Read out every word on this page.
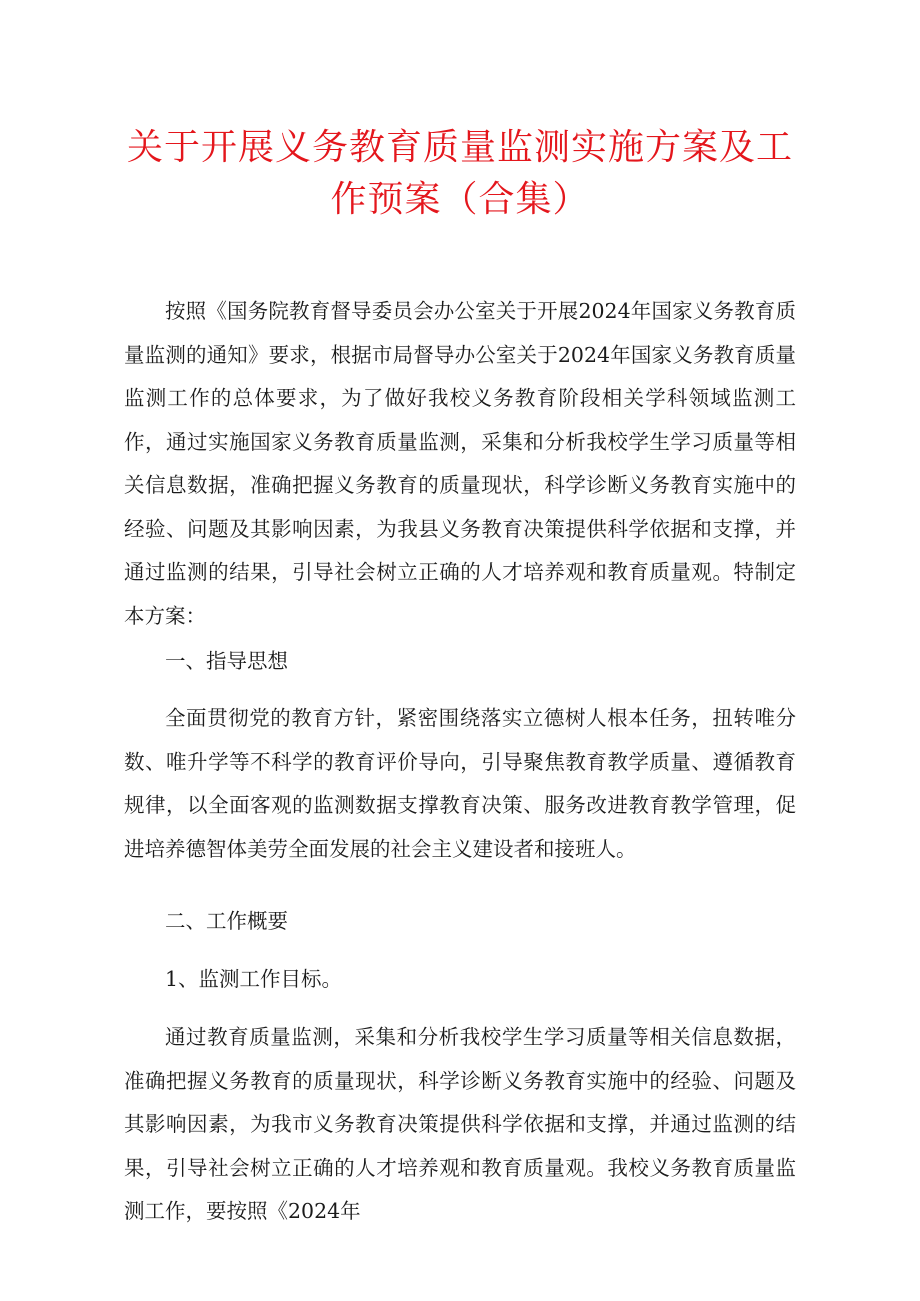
关于开展义务教育质量监测实施方案及工
作预案（合集）

按照《国务院教育督导委员会办公室关于开展2024年国家义务教育质量监测的通知》要求，根据市局督导办公室关于2024年国家义务教育质量监测工作的总体要求，为了做好我校义务教育阶段相关学科领域监测工作，通过实施国家义务教育质量监测，采集和分析我校学生学习质量等相关信息数据，准确把握义务教育的质量现状，科学诊断义务教育实施中的经验、问题及其影响因素，为我县义务教育决策提供科学依据和支撑，并通过监测的结果，引导社会树立正确的人才培养观和教育质量观。特制定本方案：

一、指导思想

全面贯彻党的教育方针，紧密围绕落实立德树人根本任务，扭转唯分数、唯升学等不科学的教育评价导向，引导聚焦教育教学质量、遵循教育规律，以全面客观的监测数据支撑教育决策、服务改进教育教学管理，促进培养德智体美劳全面发展的社会主义建设者和接班人。

二、工作概要

1、监测工作目标。

通过教育质量监测，采集和分析我校学生学习质量等相关信息数据，准确把握义务教育的质量现状，科学诊断义务教育实施中的经验、问题及其影响因素，为我市义务教育决策提供科学依据和支撑，并通过监测的结果，引导社会树立正确的人才培养观和教育质量观。我校义务教育质量监测工作，要按照《2024年
